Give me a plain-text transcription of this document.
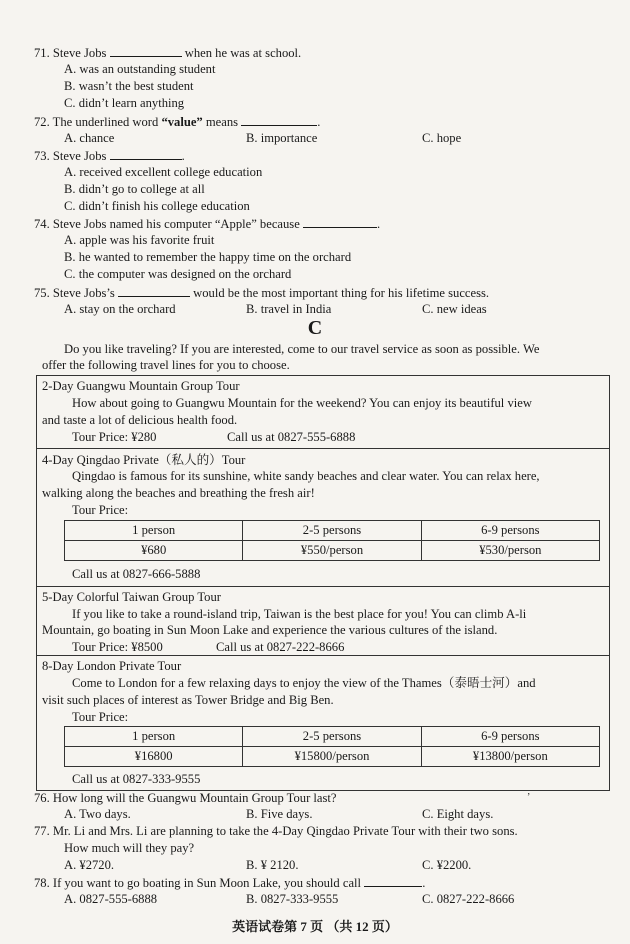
71. Steve Jobs	when he was at school.
A. was an outstanding student
B. wasn’t the best student
C. didn’t learn anything
72. The underlined word “value” means	.
A. chance	B. importance	C. hope
73. Steve Jobs	.
A. received excellent college education
B. didn’t go to college at all
C. didn’t finish his college education
74. Steve Jobs named his computer “Apple” because	.
A. apple was his favorite fruit
B. he wanted to remember the happy time on the orchard
C. the computer was designed on the orchard
75. Steve Jobs’s	would be the most important thing for his lifetime success.
A. stay on the orchard	B. travel in India	C. new ideas
C
Do you like traveling? If you are interested, come to our travel service as soon as possible. We
offer the following travel lines for you to choose.
2-Day Guangwu Mountain Group Tour
How about going to Guangwu Mountain for the weekend? You can enjoy its beautiful view
and taste a lot of delicious health food.
Tour Price: ¥280	Call us at 0827-555-6888
4-Day Qingdao Private（私人的）Tour
Qingdao is famous for its sunshine, white sandy beaches and clear water. You can relax here,
walking along the beaches and breathing the fresh air!
Tour Price:
1 person	2-5 persons	6-9 persons
¥680	¥550/person	¥530/person
Call us at 0827-666-5888
5-Day Colorful Taiwan Group Tour
If you like to take a round-island trip, Taiwan is the best place for you! You can climb A-li
Mountain, go boating in Sun Moon Lake and experience the various cultures of the island.
Tour Price: ¥8500	Call us at 0827-222-8666
8-Day London Private Tour
Come to London for a few relaxing days to enjoy the view of the Thames（泰晤士河）and
visit such places of interest as Tower Bridge and Big Ben.
Tour Price:
1 person	2-5 persons	6-9 persons
¥16800	¥15800/person	¥13800/person
Call us at 0827-333-9555
’
76. How long will the Guangwu Mountain Group Tour last?
A. Two days.	B. Five days.	C. Eight days.
77. Mr. Li and Mrs. Li are planning to take the 4-Day Qingdao Private Tour with their two sons.
How much will they pay?
A. ¥2720.	B. ¥ 2120.	C. ¥2200.
78. If you want to go boating in Sun Moon Lake, you should call	.
A. 0827-555-6888	B. 0827-333-9555	C. 0827-222-8666
英语试卷第 7 页 （共 12 页）
